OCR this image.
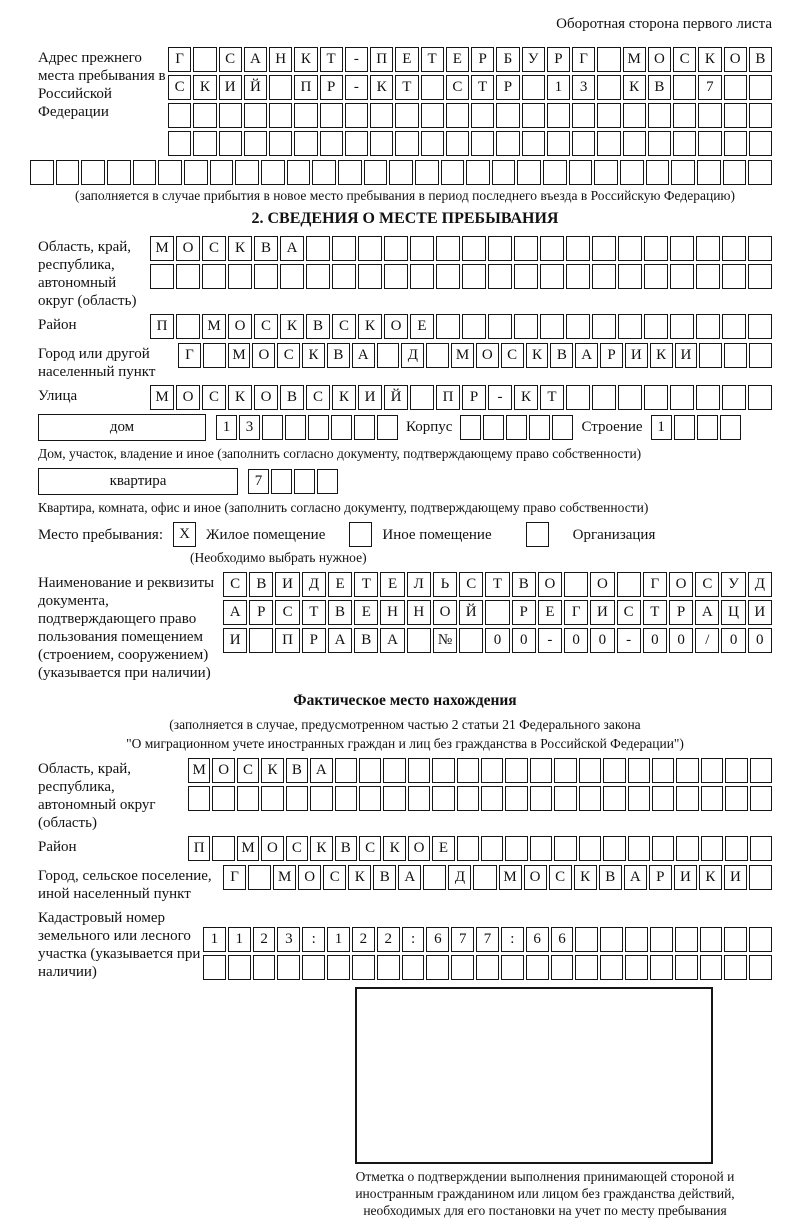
Оборотная сторона первого листа
Адрес прежнего места пребывания в Российской Федерации
Г	С А Н К	Т	-	П	Е	Т	Е	Р	Б	У	Р	Г	М О С	К О В
С	К И Й	П	Р	-	К	Т	С	Т	Р	1	3	К	В	7
(заполняется в случае прибытия в новое место пребывания в период последнего въезда в Российскую Федерацию)
2. СВЕДЕНИЯ О МЕСТЕ ПРЕБЫВАНИЯ
Область, край, республика, автономный округ (область)
М О	С	К	В	А
Район	П	М О	С	К	В	С	К	О	Е
Город или другой населенный пункт
Г	М О С К В А	Д	М О С К В А	Р	И К И
Улица	М О	С	К	О	В	С	К	И	Й	П	Р	-	К	Т
дом	1	3	Корпус	Строение 1
Дом, участок, владение и иное (заполнить согласно документу, подтверждающему право собственности)
квартира	7
Квартира, комната, офис и иное (заполнить согласно документу, подтверждающему право собственности)
Место пребывания:	X	Жилое помещение	Иное помещение	Организация
(Необходимо выбрать нужное)
Наименование и реквизиты документа, подтверждающего право пользования помещением (строением, сооружением) (указывается при наличии)
С	В	И	Д	Е	Т	Е	Л	Ь	С	Т	В	О	О	Г	О	С	У	Д
А	Р	С	Т	В	Е	Н	Н	О	Й	Р	Е	Г	И	С	Т	Р	А	Ц	И
И	П	Р	А	В	А	№	0	0	-	0	0	-	0	0	/	0	0
Фактическое место нахождения
(заполняется в случае, предусмотренном частью 2 статьи 21 Федерального закона
"О миграционном учете иностранных граждан и лиц без гражданства в Российской Федерации")
Область, край, республика, автономный округ (область)
М О С К В А
Район	П	М О С К В С К О Е
Город, сельское поселение, иной населенный пункт
Г	М О С	К	В А	Д	М О С	К	В А	Р	И К И
Кадастровый номер земельного или лесного участка (указывается при наличии)
1	1	2	3	:	1	2	2	:	6	7	7	:	6	6
Отметка о подтверждении выполнения принимающей стороной и иностранным гражданином или лицом без гражданства действий, необходимых для его постановки на учет по месту пребывания
